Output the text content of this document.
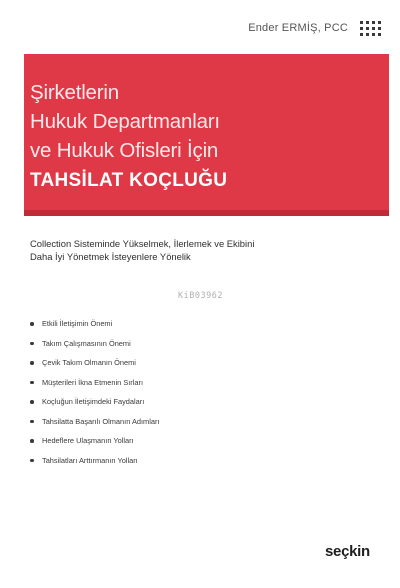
Ender ERMİŞ, PCC
Şirketlerin
Hukuk Departmanları
ve Hukuk Ofisleri İçin
TAHSİLAT KOÇLUĞU
Collection Sisteminde Yükselmek, İlerlemek ve Ekibini
Daha İyi Yönetmek İsteyenlere Yönelik
KiB03962
Etkili İletişimin Önemi
Takım Çalışmasının Önemi
Çevik Takım Olmanın Önemi
Müşterileri İkna Etmenin Sırları
Koçluğun İletişimdeki Faydaları
Tahsilatta Başarılı Olmanın Adımları
Hedeflere Ulaşmanın Yolları
Tahsilatları Arttırmanın Yolları
seçkin
